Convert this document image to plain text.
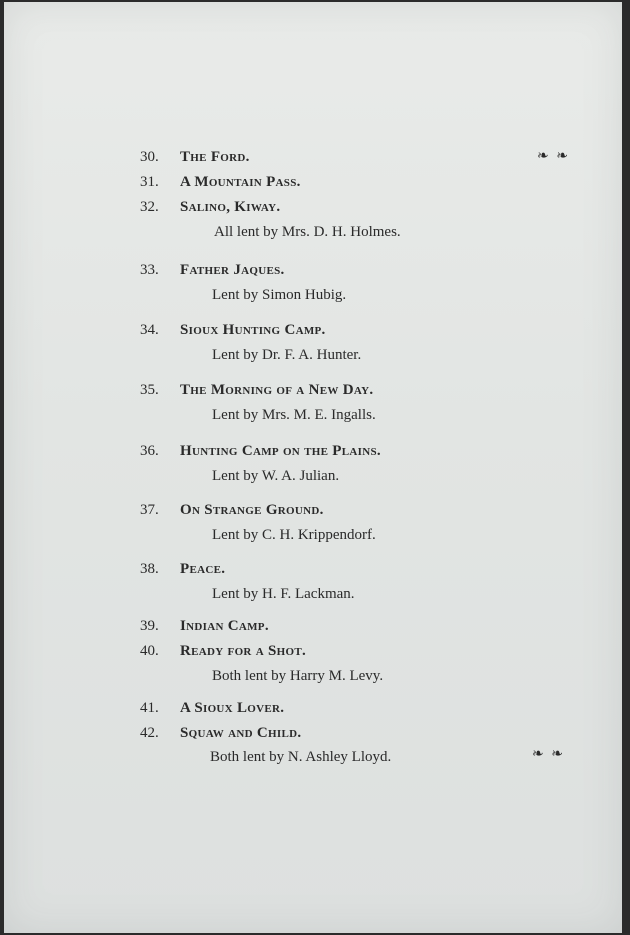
❧ ❧
30. The Ford.
31. A Mountain Pass.
32. Salino, Kiway.
All lent by Mrs. D. H. Holmes.
33. Father Jaques.
Lent by Simon Hubig.
34. Sioux Hunting Camp.
Lent by Dr. F. A. Hunter.
35. The Morning of a New Day.
Lent by Mrs. M. E. Ingalls.
36. Hunting Camp on the Plains.
Lent by W. A. Julian.
37. On Strange Ground.
Lent by C. H. Krippendorf.
38. Peace.
Lent by H. F. Lackman.
39. Indian Camp.
40. Ready for a Shot.
Both lent by Harry M. Levy.
41. A Sioux Lover.
42. Squaw and Child.
Both lent by N. Ashley Lloyd.	❧ ❧
